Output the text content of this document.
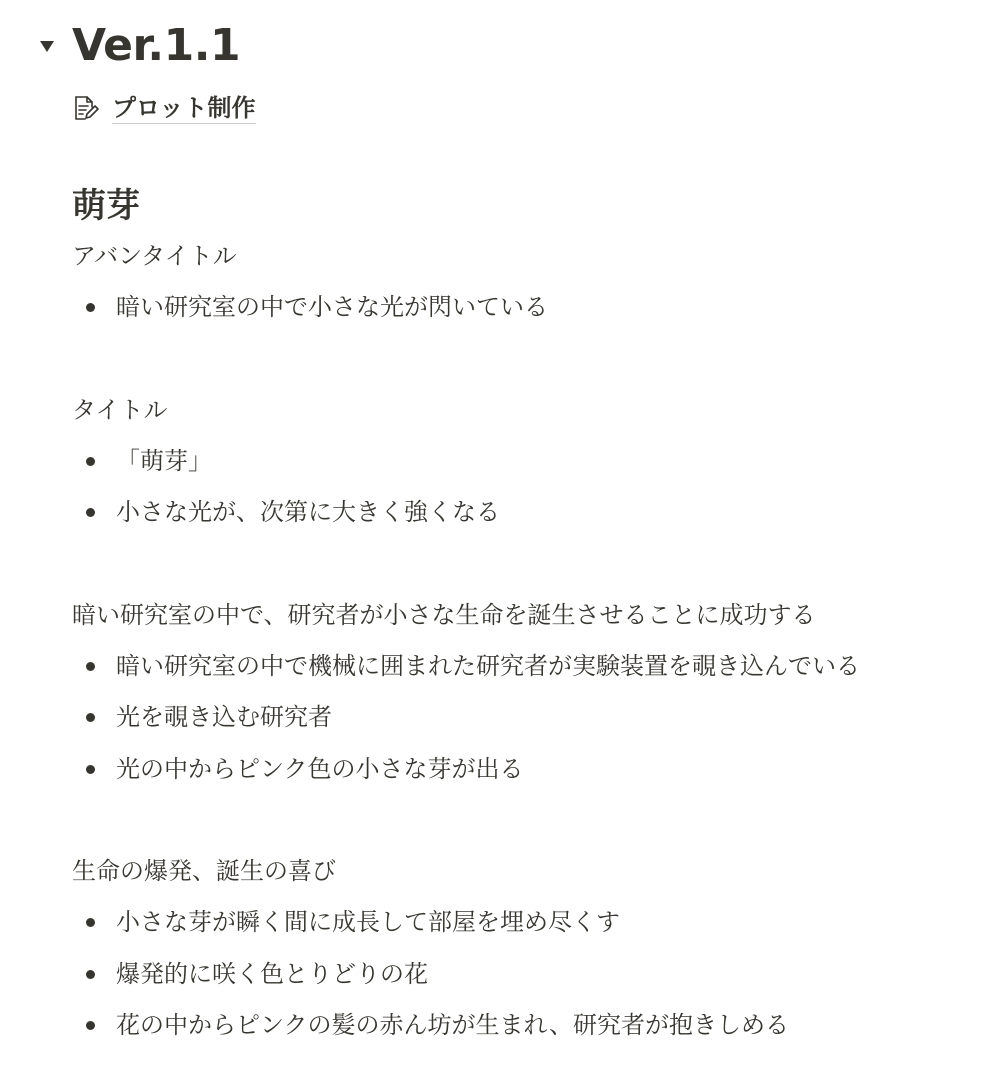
Ver.1.1
プロット制作
萌芽

アバンタイトル

暗い研究室の中で小さな光が閃いている

タイトル

「萌芽」
小さな光が、次第に大きく強くなる

暗い研究室の中で、研究者が小さな生命を誕生させることに成功する

暗い研究室の中で機械に囲まれた研究者が実験装置を覗き込んでいる
光を覗き込む研究者
光の中からピンク色の小さな芽が出る

生命の爆発、誕生の喜び

小さな芽が瞬く間に成長して部屋を埋め尽くす
爆発的に咲く色とりどりの花
花の中からピンクの髪の赤ん坊が生まれ、研究者が抱きしめる
